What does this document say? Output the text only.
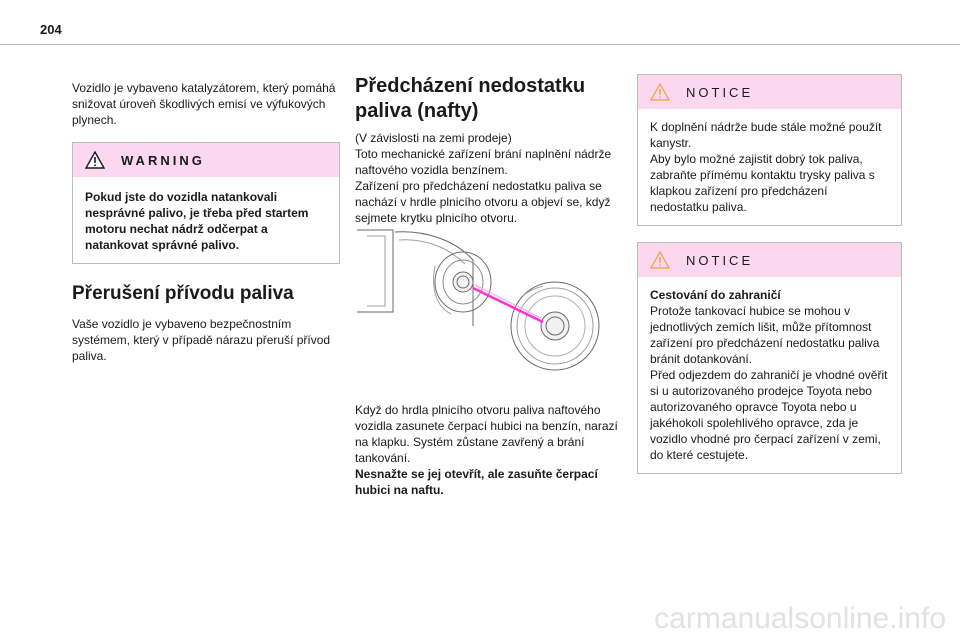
204

Vozidlo je vybaveno katalyzátorem, který pomáhá snižovat úroveň škodlivých emisí ve výfukových plynech.

WARNING

Pokud jste do vozidla natankovali nesprávné palivo, je třeba před startem motoru nechat nádrž odčerpat a natankovat správné palivo.

Přerušení přívodu paliva

Vaše vozidlo je vybaveno bezpečnostním systémem, který v případě nárazu přeruší přívod paliva.

Předcházení nedostatku paliva (nafty)

(V závislosti na zemi prodeje)

Toto mechanické zařízení brání naplnění nádrže naftového vozidla benzínem.

Zařízení pro předcházení nedostatku paliva se nachází v hrdle plnicího otvoru a objeví se, když sejmete krytku plnicího otvoru.

Když do hrdla plnicího otvoru paliva naftového vozidla zasunete čerpací hubici na benzín, narazí na klapku. Systém zůstane zavřený a brání tankování.

Nesnažte se jej otevřít, ale zasuňte čerpací hubici na naftu.

NOTICE

K doplnění nádrže bude stále možné použít kanystr.

Aby bylo možné zajistit dobrý tok paliva, zabraňte přímému kontaktu trysky paliva s klapkou zařízení pro předcházení nedostatku paliva.

NOTICE

Cestování do zahraničí

Protože tankovací hubice se mohou v jednotlivých zemích lišit, může přítomnost zařízení pro předcházení nedostatku paliva bránit dotankování.

Před odjezdem do zahraničí je vhodné ověřit si u autorizovaného prodejce Toyota nebo autorizovaného opravce Toyota nebo u jakéhokoli spolehlivého opravce, zda je vozidlo vhodné pro čerpací zařízení v zemi, do které cestujete.

carmanualsonline.info
